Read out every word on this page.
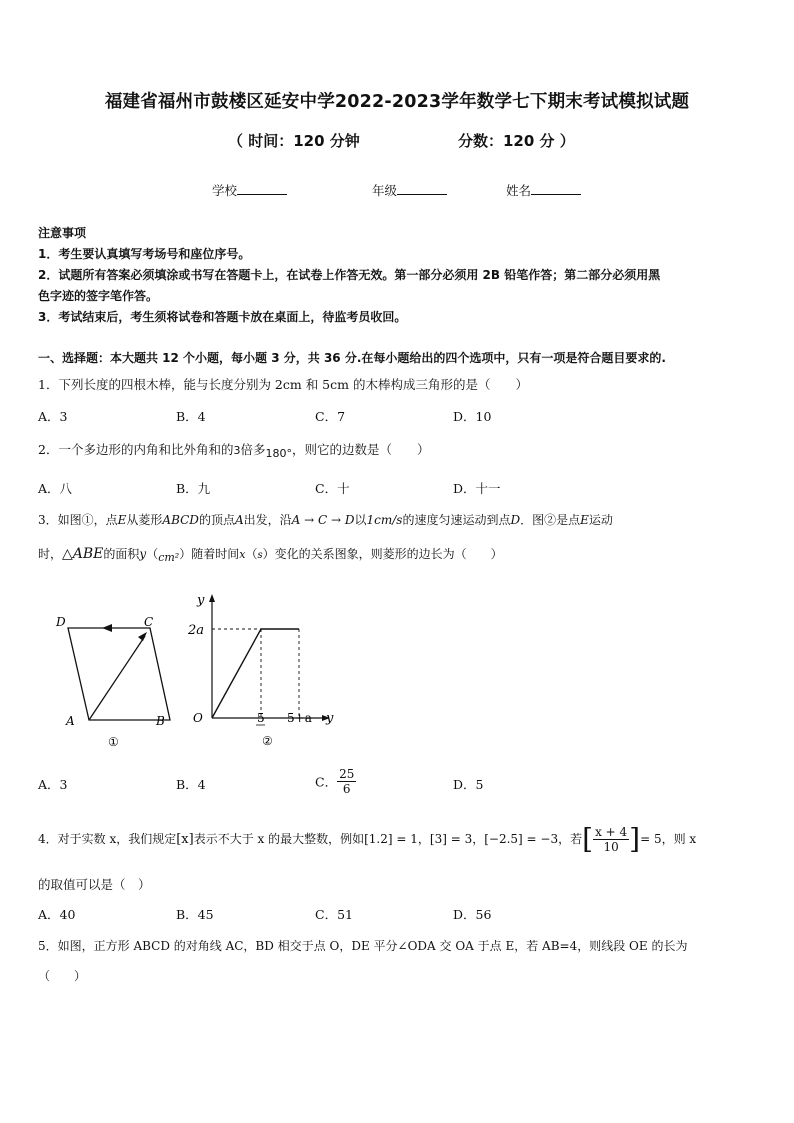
福建省福州市鼓楼区延安中学2022-2023学年数学七下期末考试模拟试题
（ 时间：120 分钟	分数：120 分 ）
学校	年级	姓名
注意事项
1．考生要认真填写考场号和座位序号。
2．试题所有答案必须填涂或书写在答题卡上，在试卷上作答无效。第一部分必须用 2B 铅笔作答；第二部分必须用黑
色字迹的签字笔作答。
3．考试结束后，考生须将试卷和答题卡放在桌面上，待监考员收回。
一、选择题：本大题共 12 个小题，每小题 3 分，共 36 分.在每小题给出的四个选项中，只有一项是符合题目要求的.
1．下列长度的四根木棒，能与长度分别为 2cm 和 5cm 的木棒构成三角形的是（　　）
A．3	B．4	C．7	D．10
2．一个多边形的内角和比外角和的3倍多180°，则它的边数是（　　）
A．八	B．九	C．十	D．十一
3．如图①，点E从菱形ABCD的顶点A出发，沿A → C → D以1cm/s的速度匀速运动到点D．图②是点E运动
时，△ABE的面积y（cm²）随着时间x（s）变化的关系图象，则菱形的边长为（　　）
D	C
A	B
①
y
2a
O	5 5+a y
②
A．3	B．4	C． $\frac{25}{6}$	D．5
4．对于实数 x，我们规定[x]表示不大于 x 的最大整数，例如[1.2] = 1，[3] = 3，[−2.5] = −3，若[ $\frac{x + 4}{10}$ ]= 5，则 x
的取值可以是（　）
A．40	B．45	C．51	D．56
5．如图，正方形 ABCD 的对角线 AC，BD 相交于点 O，DE 平分∠ODA 交 OA 于点 E，若 AB=4，则线段 OE 的长为
（　　）
